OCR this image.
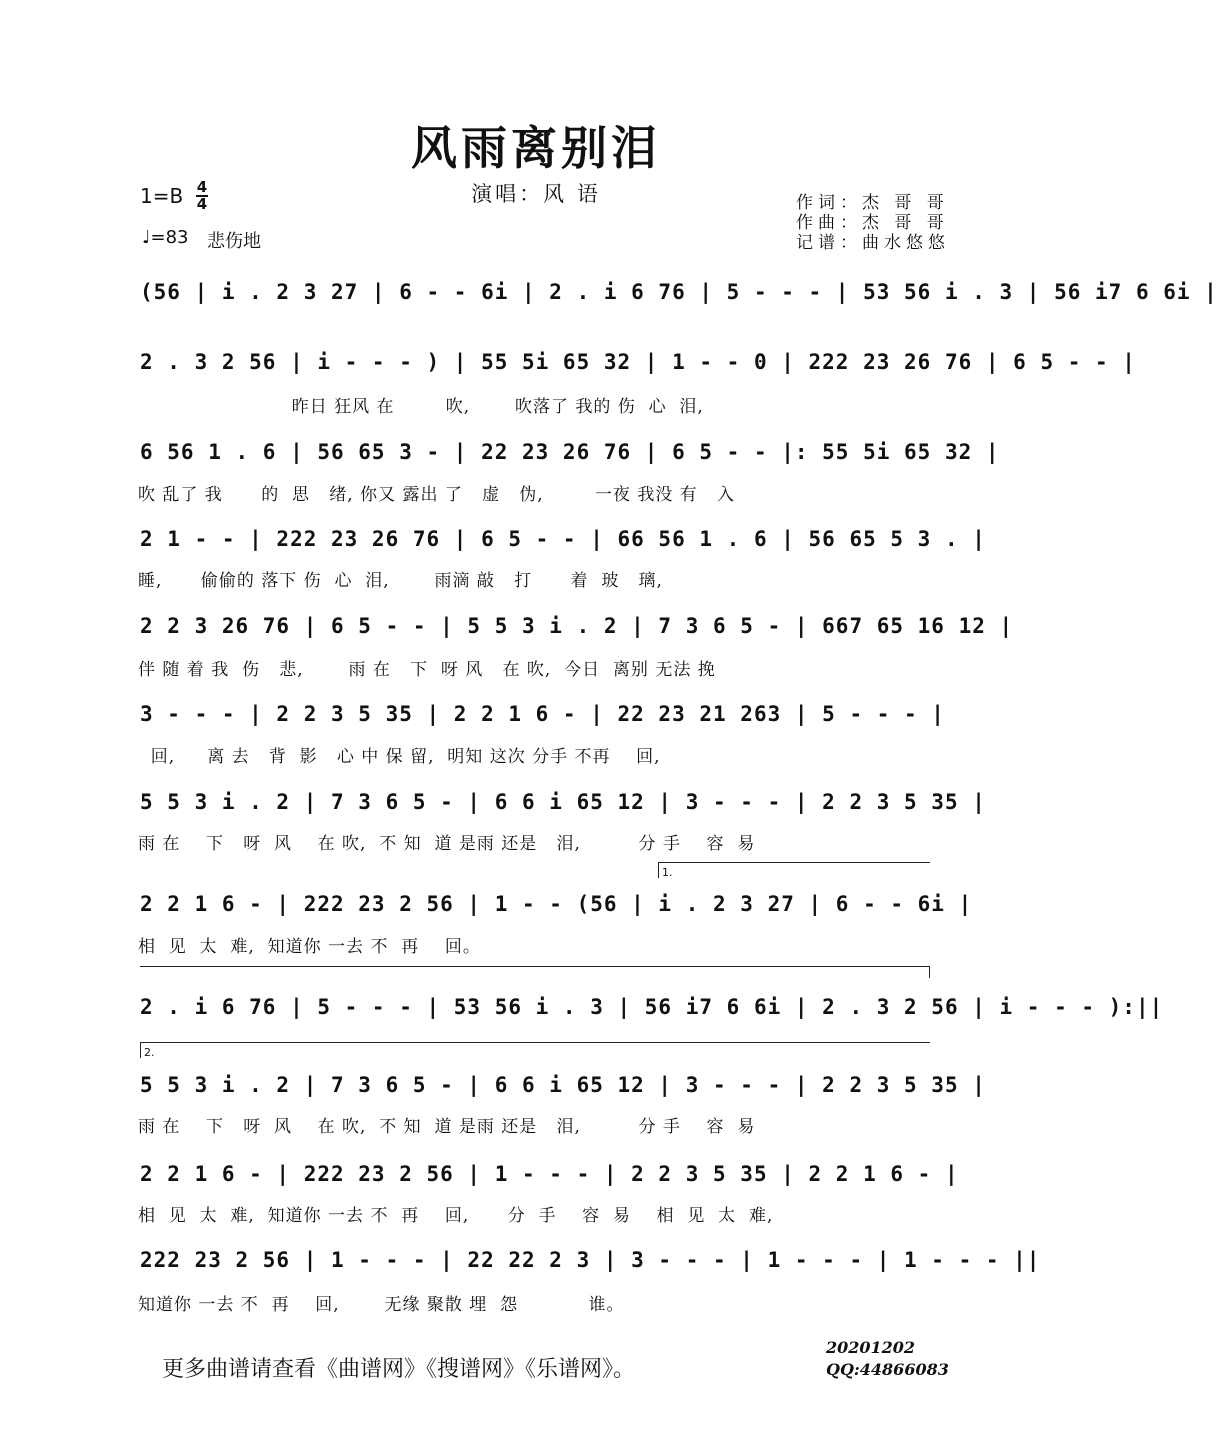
风雨离别泪
演唱：风 语	作词：杰 哥 哥
作曲：杰 哥 哥
记谱：曲水悠悠
1=B 4
4
♩=83 悲伤地
(56 | i . 2 3 27 | 6 - - 6i | 2 . i 6 76 | 5 - - - | 53 56 i . 3 | 56 i7 6 6i |
2 . 3 2 56 | i - - - ) | 55 5i 65 32 | 1 - - 0 | 222 23 26 76 | 6 5 - - |
昨日 狂风 在        吹,       吹落了 我的 伤  心  泪,
6 56 1 . 6 | 56 65 3 - | 22 23 26 76 | 6 5 - - |: 55 5i 65 32 |
吹 乱了 我      的  思   绪, 你又 露出 了   虚   伪,        一夜 我没 有   入
2 1 - - | 222 23 26 76 | 6 5 - - | 66 56 1 . 6 | 56 65 5 3 . |
睡,      偷偷的 落下 伤  心  泪,       雨滴 敲   打      着  玻   璃,
2 2 3 26 76 | 6 5 - - | 5 5 3 i . 2 | 7 3 6 5 - | 667 65 16 12 |
伴 随 着 我  伤   悲,       雨 在   下  呀 风   在 吹,  今日  离别 无法 挽
3 - - - | 2 2 3 5 35 | 2 2 1 6 - | 22 23 21 263 | 5 - - - |
回,     离 去   背  影   心 中 保 留,  明知 这次 分手 不再    回,
5 5 3 i . 2 | 7 3 6 5 - | 6 6 i 65 12 | 3 - - - | 2 2 3 5 35 |
雨 在    下   呀  风    在 吹,  不 知  道 是雨 还是   泪,         分 手    容  易
1.
2 2 1 6 - | 222 23 2 56 | 1 - - (56 | i . 2 3 27 | 6 - - 6i |
相  见  太  难,  知道你 一去 不  再    回。
2 . i 6 76 | 5 - - - | 53 56 i . 3 | 56 i7 6 6i | 2 . 3 2 56 | i - - - ):||
2.
5 5 3 i . 2 | 7 3 6 5 - | 6 6 i 65 12 | 3 - - - | 2 2 3 5 35 |
雨 在    下   呀  风    在 吹,  不 知  道 是雨 还是   泪,         分 手    容  易
2 2 1 6 - | 222 23 2 56 | 1 - - - | 2 2 3 5 35 | 2 2 1 6 - |
相  见  太  难,  知道你 一去 不  再    回,      分  手    容  易    相  见  太  难,
222 23 2 56 | 1 - - - | 22 22 2 3 | 3 - - - | 1 - - - | 1 - - - ||
知道你 一去 不  再    回,       无缘 聚散 埋  怨           谁。
更多曲谱请查看《曲谱网》《搜谱网》《乐谱网》。
20201202
QQ:44866083
